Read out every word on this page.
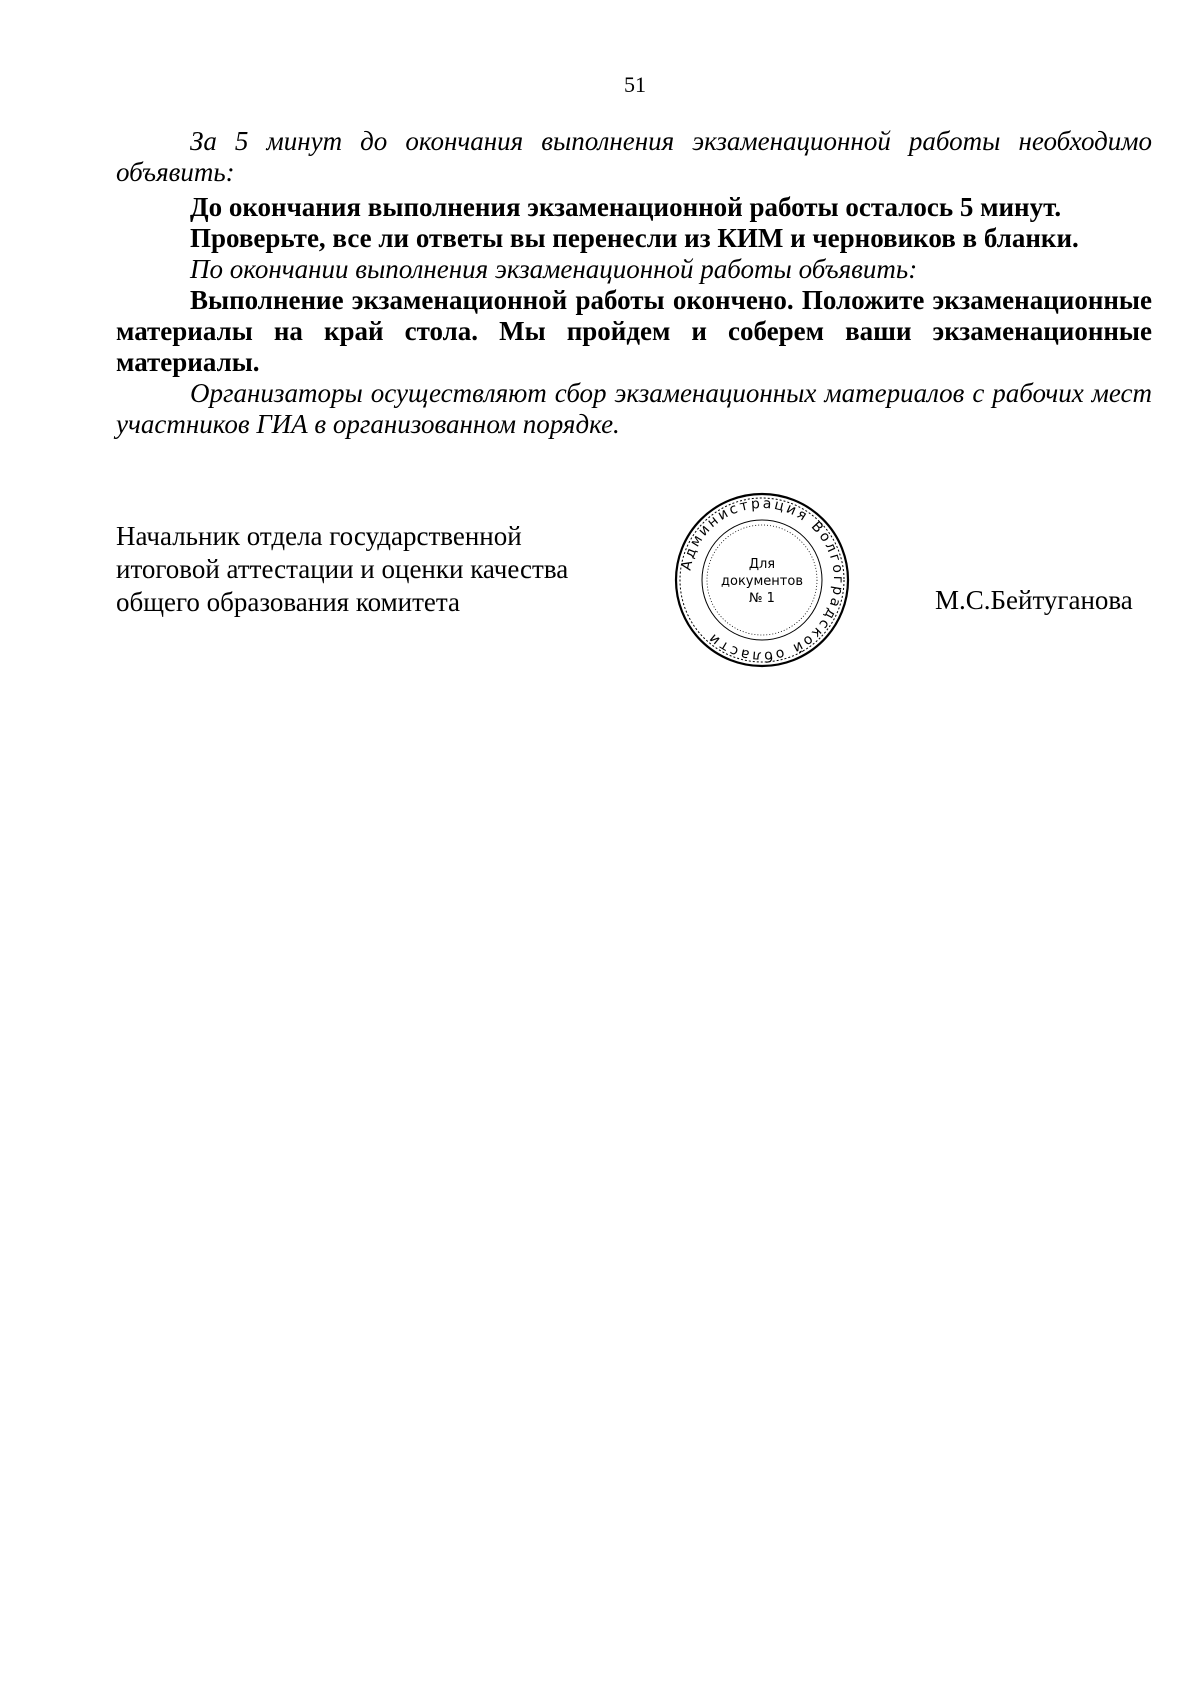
51

За 5 минут до окончания выполнения экзаменационной работы необходимо объявить:

До окончания выполнения экзаменационной работы осталось 5 минут.

Проверьте, все ли ответы вы перенесли из КИМ и черновиков в бланки.

По окончании выполнения экзаменационной работы объявить:

Выполнение экзаменационной работы окончено. Положите экзаменационные материалы на край стола. Мы пройдем и соберем ваши экзаменационные материалы.

Организаторы осуществляют сбор экзаменационных материалов с рабочих мест участников ГИА в организованном порядке.

Начальник отдела государственной
итоговой аттестации и оценки качества
общего образования комитета
Администрация Волгоградской области
Для
документов
№ 1	М.С.Бейтуганова
